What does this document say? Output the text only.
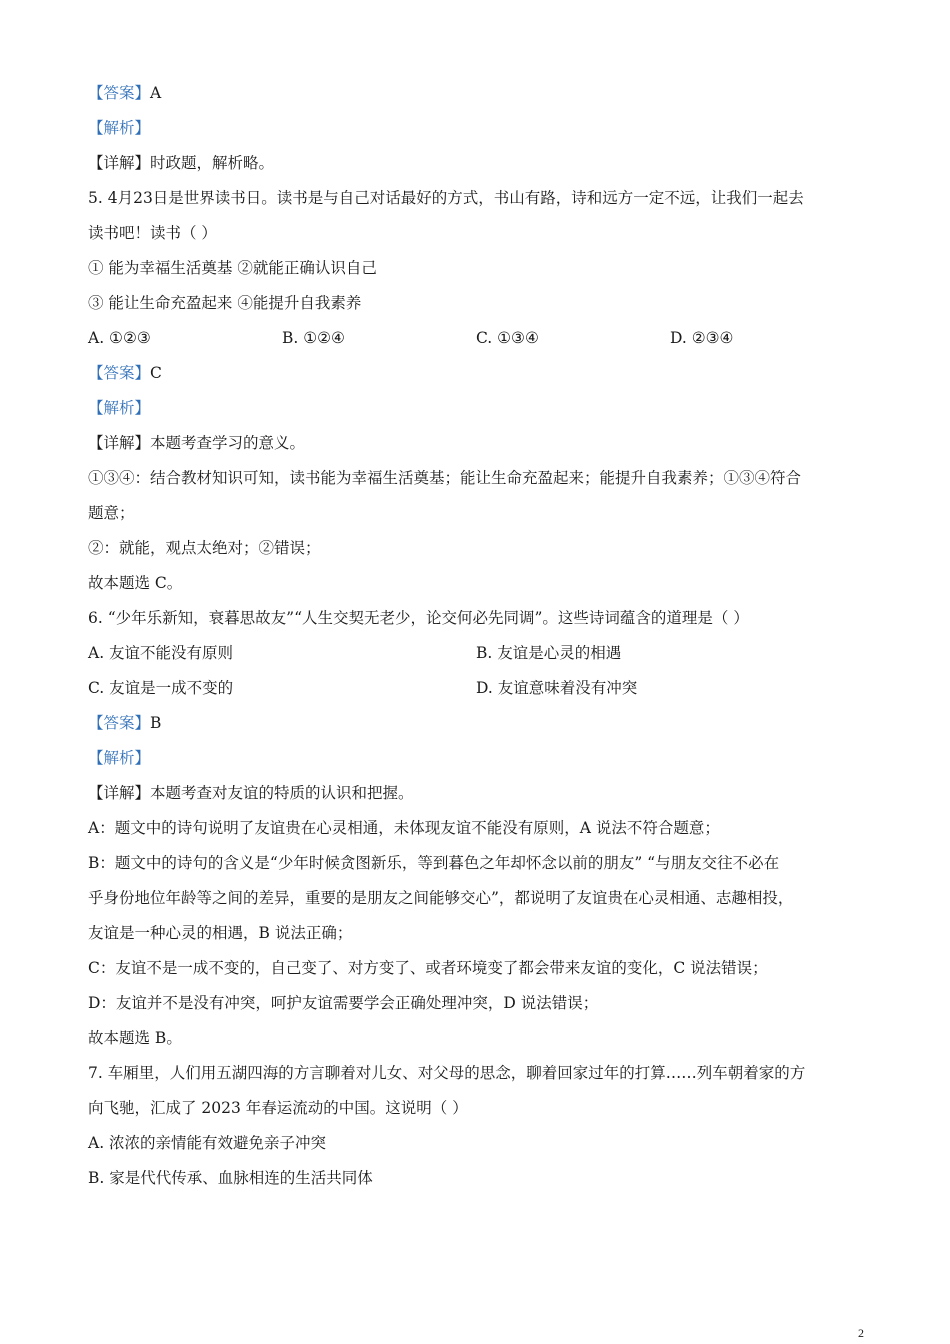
【答案】A
【解析】
【详解】时政题，解析略。
5. 4月23日是世界读书日。读书是与自己对话最好的方式，书山有路，诗和远方一定不远，让我们一起去
读书吧！读书（ ）
① 能为幸福生活奠基 ②就能正确认识自己
③ 能让生命充盈起来 ④能提升自我素养
A. ①②③	B. ①②④	C. ①③④	D. ②③④
【答案】C
【解析】
【详解】本题考查学习的意义。
①③④：结合教材知识可知，读书能为幸福生活奠基；能让生命充盈起来；能提升自我素养；①③④符合
题意；
②：就能，观点太绝对；②错误；
故本题选 C。
6. “少年乐新知，衰暮思故友”“人生交契无老少，论交何必先同调”。这些诗词蕴含的道理是（ ）
A. 友谊不能没有原则	B. 友谊是心灵的相遇
C. 友谊是一成不变的	D. 友谊意味着没有冲突
【答案】B
【解析】
【详解】本题考查对友谊的特质的认识和把握。
A：题文中的诗句说明了友谊贵在心灵相通，未体现友谊不能没有原则，A 说法不符合题意；
B：题文中的诗句的含义是“少年时候贪图新乐，等到暮色之年却怀念以前的朋友” “与朋友交往不必在
乎身份地位年龄等之间的差异，重要的是朋友之间能够交心”，都说明了友谊贵在心灵相通、志趣相投，
友谊是一种心灵的相遇，B 说法正确；
C：友谊不是一成不变的，自己变了、对方变了、或者环境变了都会带来友谊的变化，C 说法错误；
D：友谊并不是没有冲突，呵护友谊需要学会正确处理冲突，D 说法错误；
故本题选 B。
7. 车厢里，人们用五湖四海的方言聊着对儿女、对父母的思念，聊着回家过年的打算……列车朝着家的方
向飞驰，汇成了 2023 年春运流动的中国。这说明（ ）
A. 浓浓的亲情能有效避免亲子冲突
B. 家是代代传承、血脉相连的生活共同体
2
